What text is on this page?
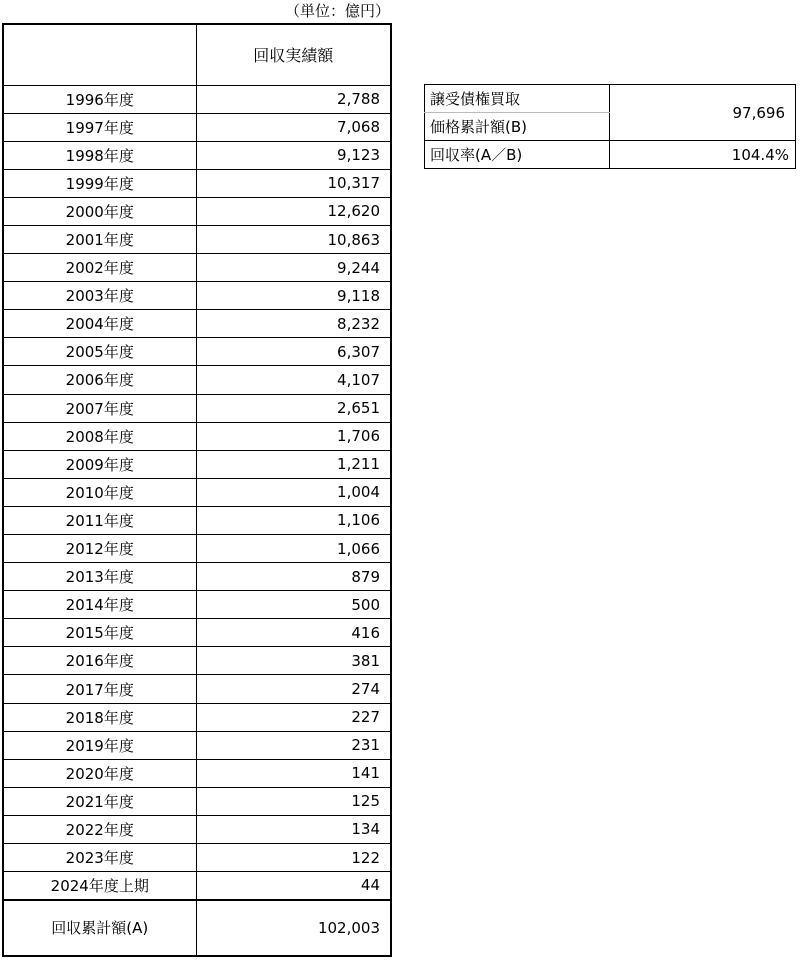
（単位：億円）
	回収実績額
1996年度	2,788
1997年度	7,068
1998年度	9,123
1999年度	10,317
2000年度	12,620
2001年度	10,863
2002年度	9,244
2003年度	9,118
2004年度	8,232
2005年度	6,307
2006年度	4,107
2007年度	2,651
2008年度	1,706
2009年度	1,211
2010年度	1,004
2011年度	1,106
2012年度	1,066
2013年度	879
2014年度	500
2015年度	416
2016年度	381
2017年度	274
2018年度	227
2019年度	231
2020年度	141
2021年度	125
2022年度	134
2023年度	122
2024年度上期	44
回収累計額(A)	102,003
譲受債権買取	97,696
価格累計額(B)	
回収率(A／B)	104.4%
